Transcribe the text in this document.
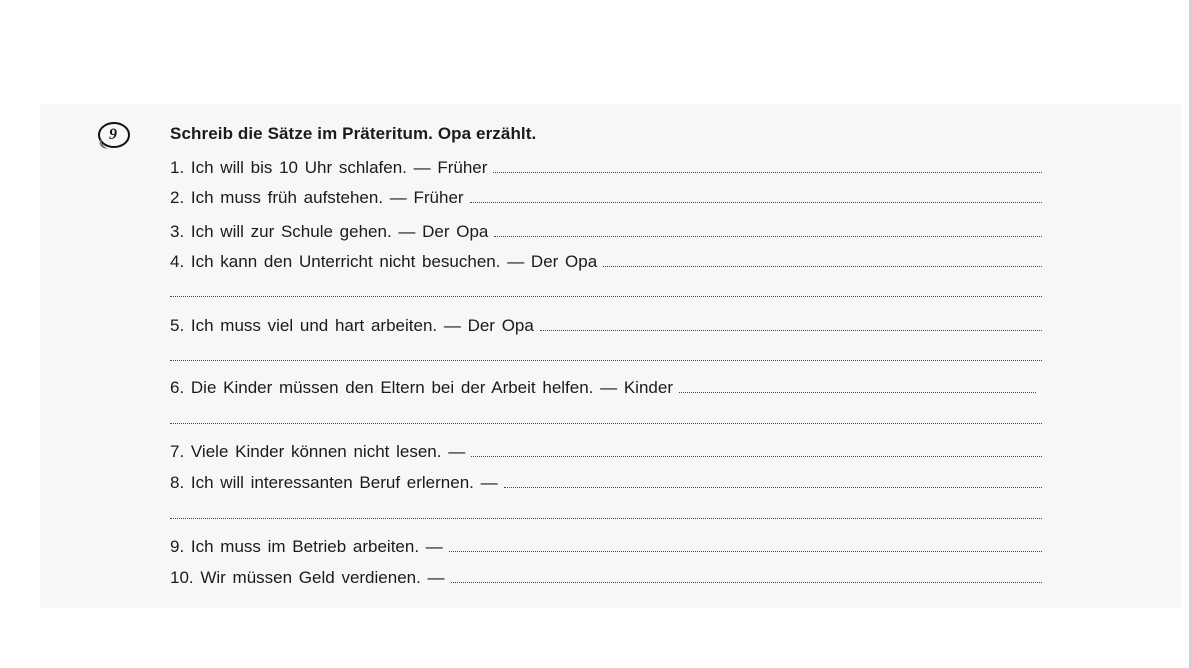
9	Schreib die Sätze im Präteritum. Opa erzählt.
1. Ich will bis 10 Uhr schlafen. — Früher
2. Ich muss früh aufstehen. — Früher
3. Ich will zur Schule gehen. — Der Opa
4. Ich kann den Unterricht nicht besuchen. — Der Opa
5. Ich muss viel und hart arbeiten. — Der Opa
6. Die Kinder müssen den Eltern bei der Arbeit helfen. — Kinder
7. Viele Kinder können nicht lesen. —
8. Ich will interessanten Beruf erlernen. —
9. Ich muss im Betrieb arbeiten. —
10. Wir müssen Geld verdienen. —
